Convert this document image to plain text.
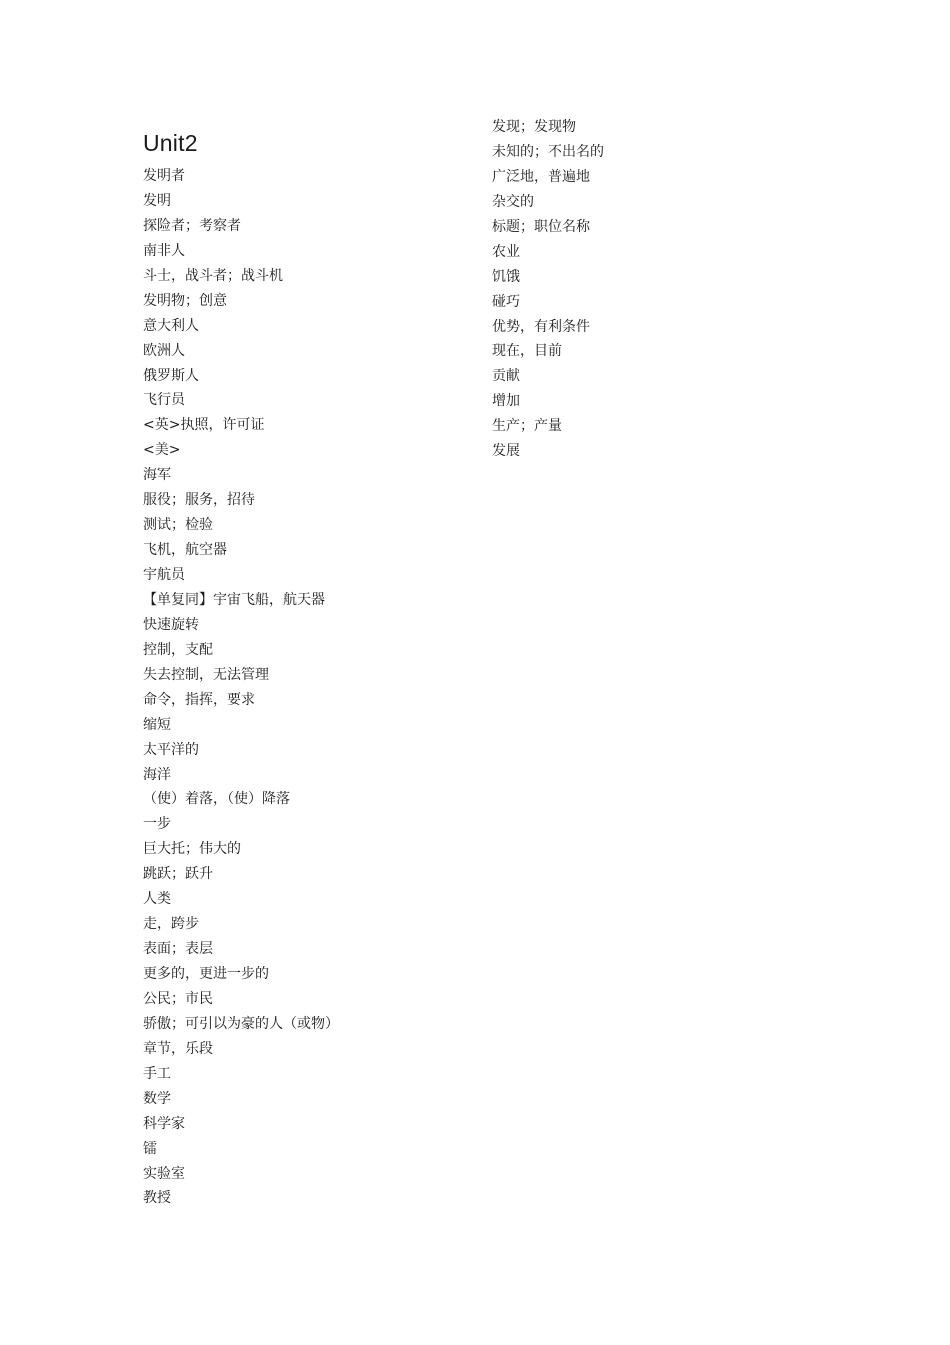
Unit2
发明者
发明
探险者；考察者
南非人
斗士，战斗者；战斗机
发明物；创意
意大利人
欧洲人
俄罗斯人
飞行员
<英>执照，许可证
<美>
海军
服役；服务，招待
测试；检验
飞机，航空器
宇航员
【单复同】宇宙飞船，航天器
快速旋转
控制，支配
失去控制，无法管理
命令，指挥，要求
缩短
太平洋的
海洋
（使）着落，（使）降落
一步
巨大托；伟大的
跳跃；跃升
人类
走，跨步
表面；表层
更多的，更进一步的
公民；市民
骄傲；可引以为豪的人（或物）
章节，乐段
手工
数学
科学家
镭
实验室
教授
发现；发现物
未知的；不出名的
广泛地，普遍地
杂交的
标题；职位名称
农业
饥饿
碰巧
优势，有利条件
现在，目前
贡献
增加
生产；产量
发展
